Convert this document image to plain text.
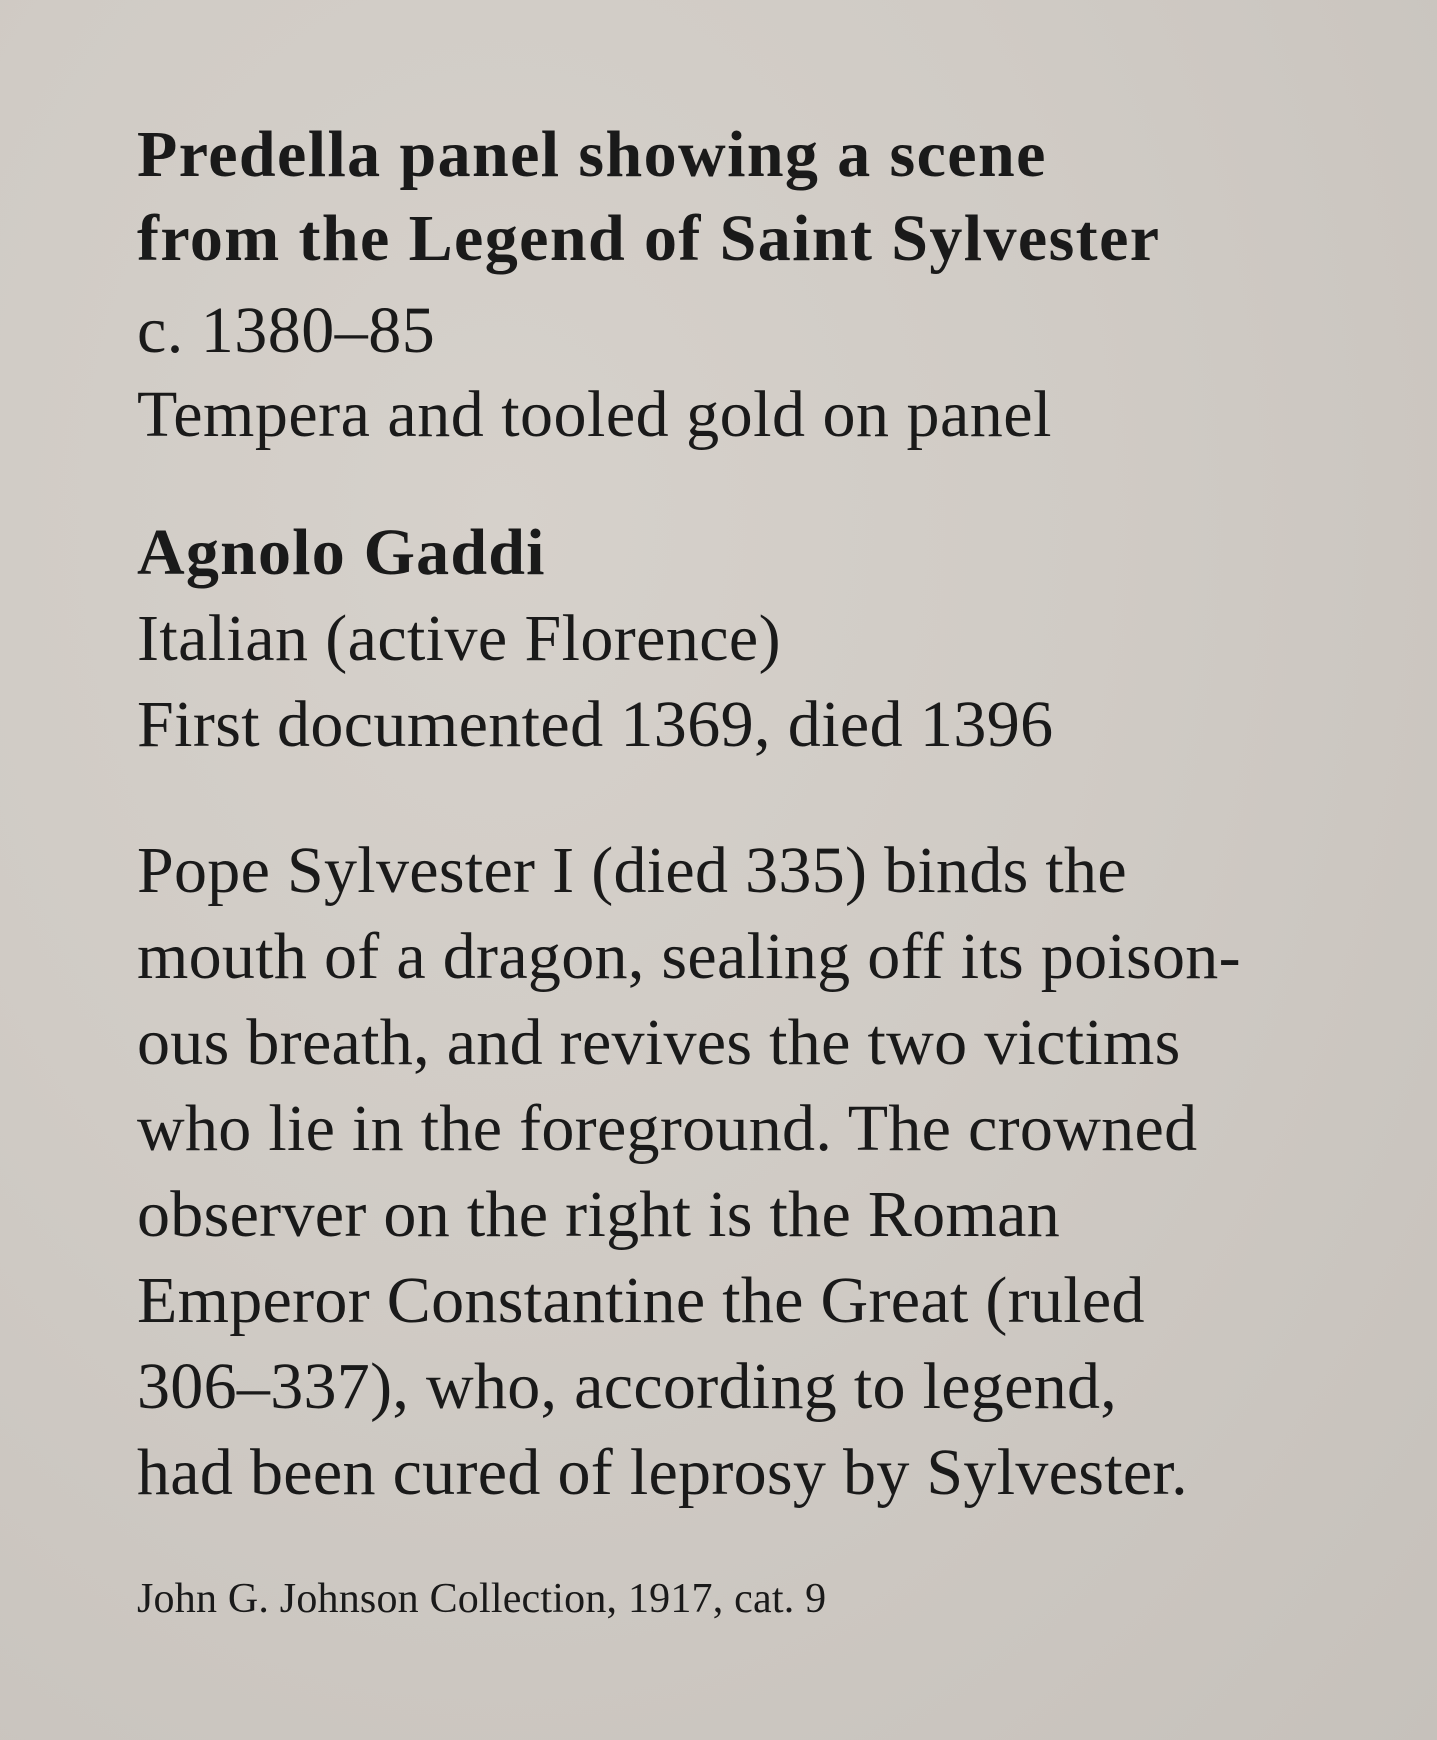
Predella panel showing a scene
from the Legend of Saint Sylvester
c. 1380–85
Tempera and tooled gold on panel
Agnolo Gaddi
Italian (active Florence)
First documented 1369, died 1396
Pope Sylvester I (died 335) binds the
mouth of a dragon, sealing off its poison-
ous breath, and revives the two victims
who lie in the foreground. The crowned
observer on the right is the Roman
Emperor Constantine the Great (ruled
306–337), who, according to legend,
had been cured of leprosy by Sylvester.
John G. Johnson Collection, 1917, cat. 9
